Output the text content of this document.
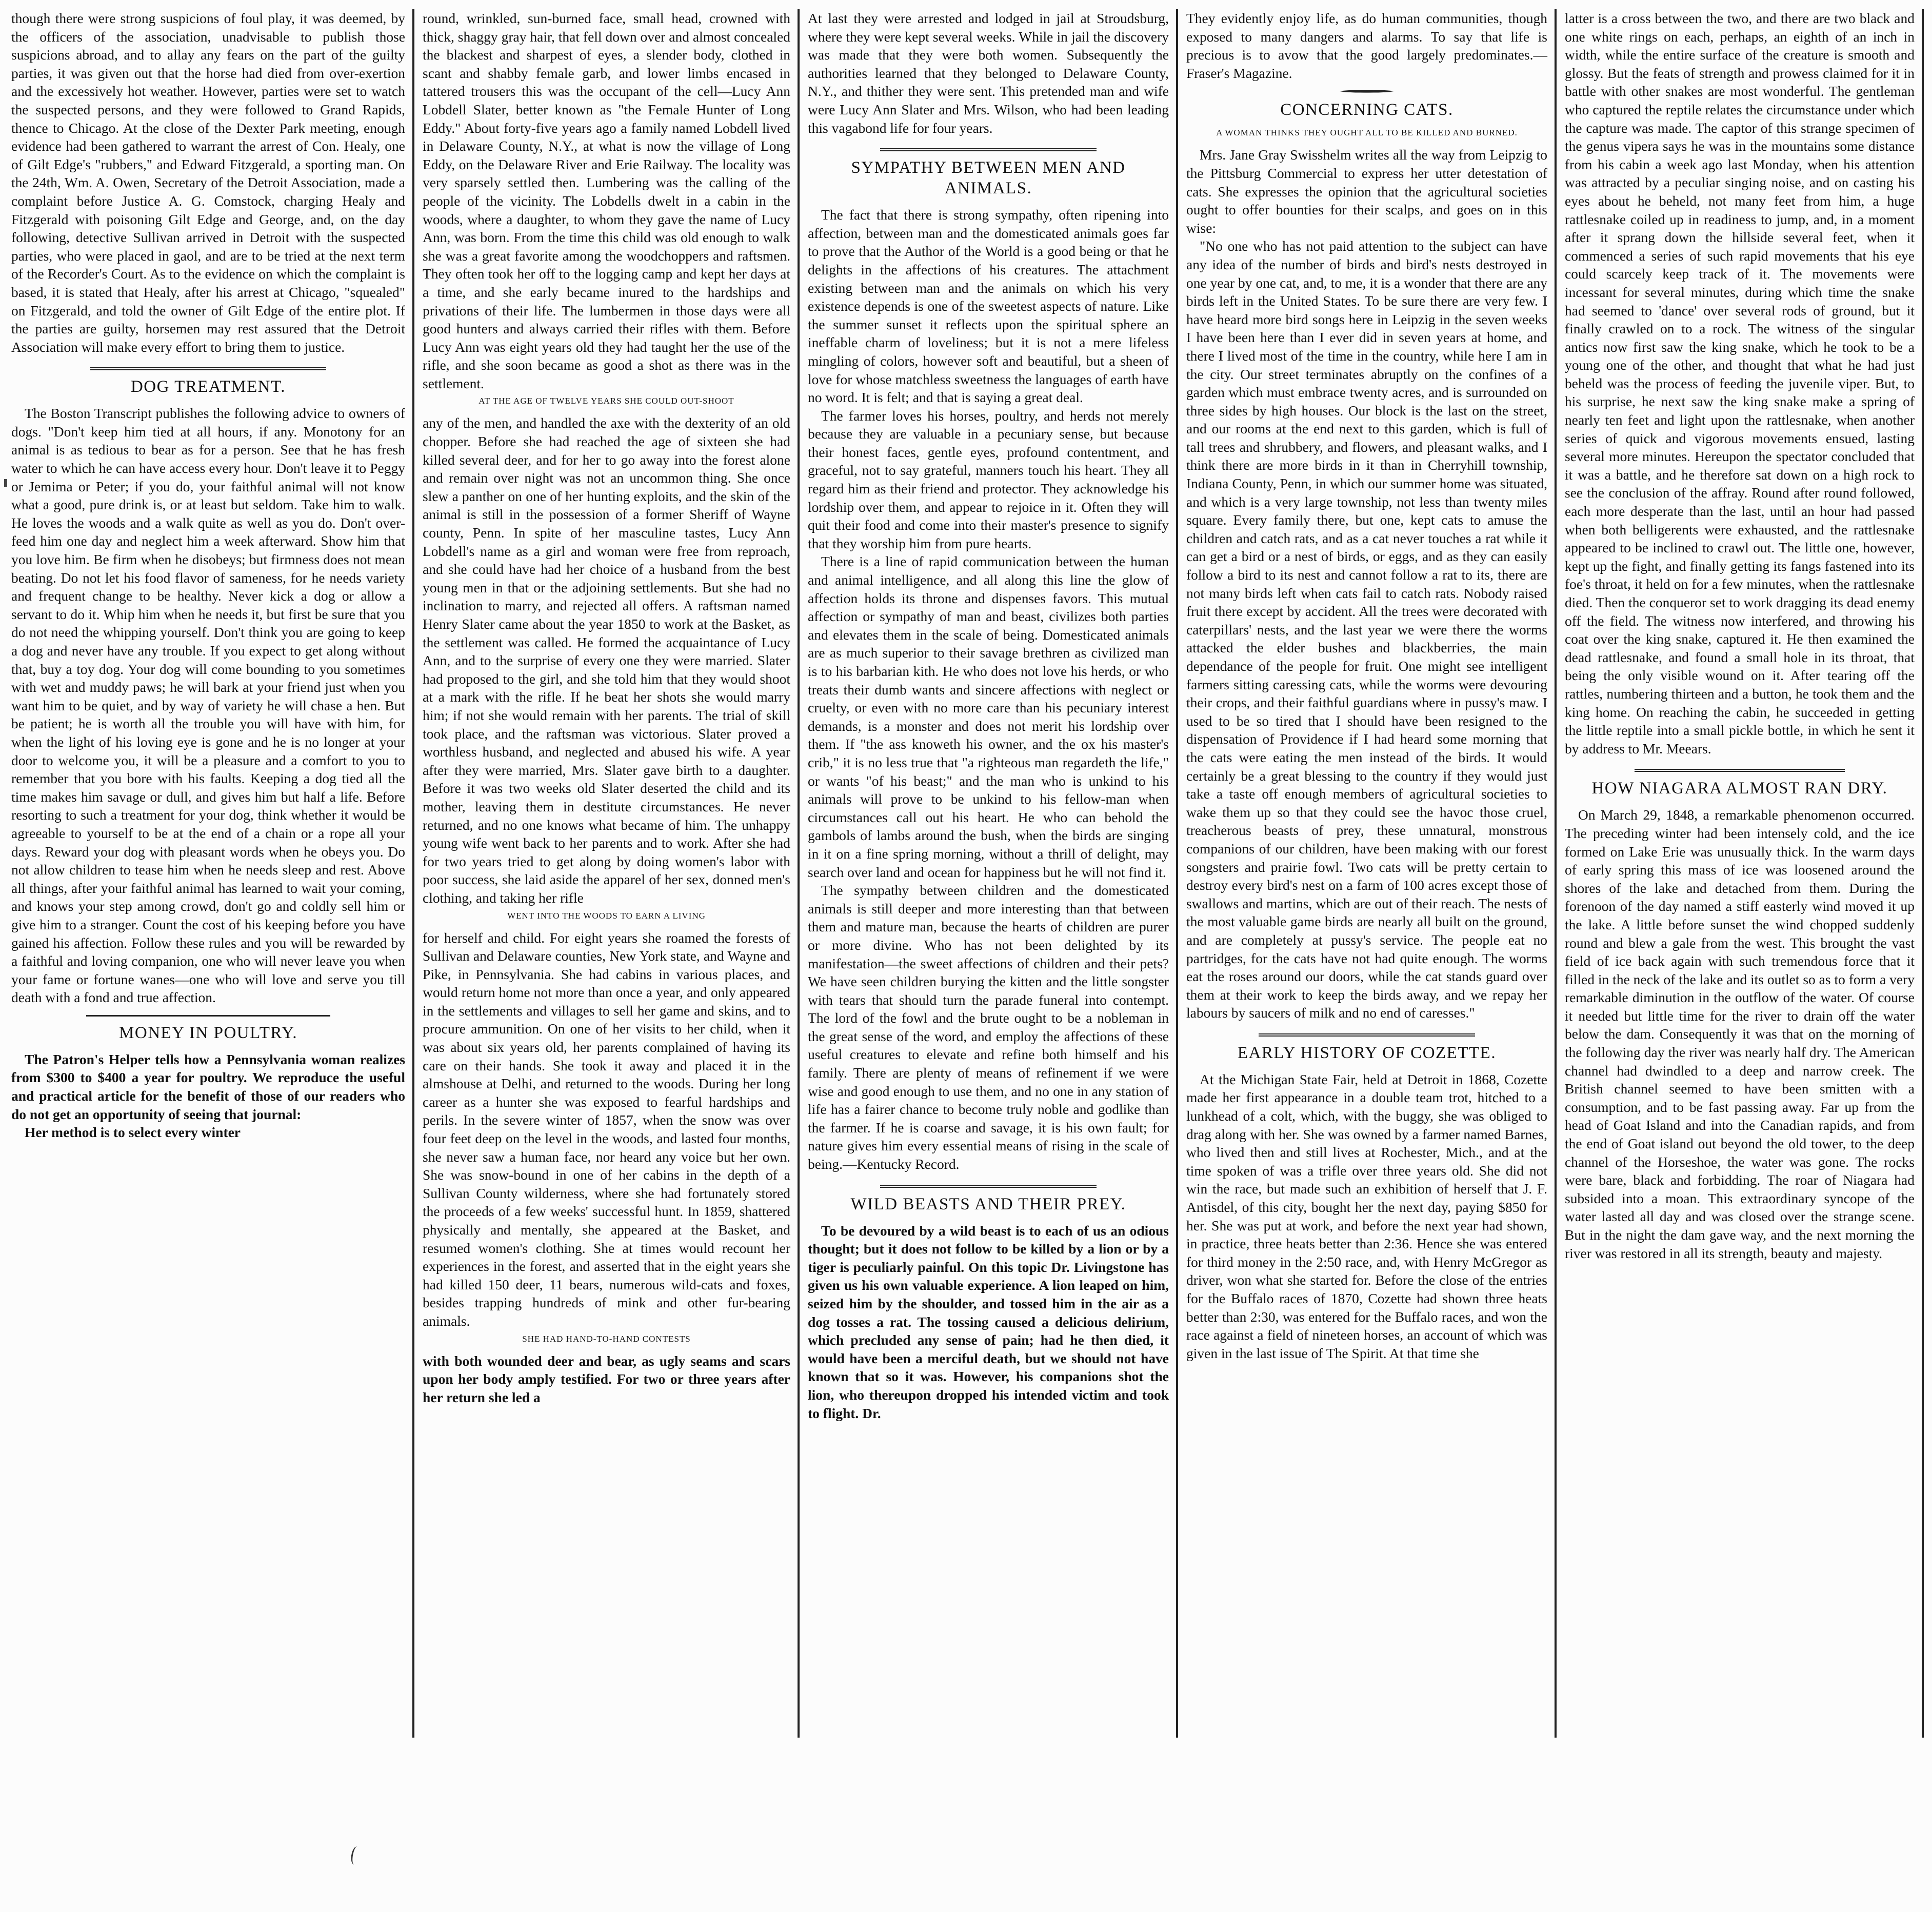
though there were strong suspicions of foul play, it was deemed, by the officers of the association, unadvisable to publish those suspicions abroad, and to allay any fears on the part of the guilty parties, it was given out that the horse had died from over-exertion and the excessively hot weather. However, parties were set to watch the suspected persons, and they were followed to Grand Rapids, thence to Chicago. At the close of the Dexter Park meeting, enough evidence had been gathered to warrant the arrest of Con. Healy, one of Gilt Edge's "rubbers," and Edward Fitzgerald, a sporting man. On the 24th, Wm. A. Owen, Secretary of the Detroit Association, made a complaint before Justice A. G. Comstock, charging Healy and Fitzgerald with poisoning Gilt Edge and George, and, on the day following, detective Sullivan arrived in Detroit with the suspected parties, who were placed in gaol, and are to be tried at the next term of the Recorder's Court. As to the evidence on which the complaint is based, it is stated that Healy, after his arrest at Chicago, "squealed" on Fitzgerald, and told the owner of Gilt Edge of the entire plot. If the parties are guilty, horsemen may rest assured that the Detroit Association will make every effort to bring them to justice.

DOG TREATMENT.

The Boston Transcript publishes the following advice to owners of dogs. "Don't keep him tied at all hours, if any. Monotony for an animal is as tedious to bear as for a person. See that he has fresh water to which he can have access every hour. Don't leave it to Peggy or Jemima or Peter; if you do, your faithful animal will not know what a good, pure drink is, or at least but seldom. Take him to walk. He loves the woods and a walk quite as well as you do. Don't over-feed him one day and neglect him a week afterward. Show him that you love him. Be firm when he disobeys; but firmness does not mean beating. Do not let his food flavor of sameness, for he needs variety and frequent change to be healthy. Never kick a dog or allow a servant to do it. Whip him when he needs it, but first be sure that you do not need the whipping yourself. Don't think you are going to keep a dog and never have any trouble. If you expect to get along without that, buy a toy dog. Your dog will come bounding to you sometimes with wet and muddy paws; he will bark at your friend just when you want him to be quiet, and by way of variety he will chase a hen. But be patient; he is worth all the trouble you will have with him, for when the light of his loving eye is gone and he is no longer at your door to welcome you, it will be a pleasure and a comfort to you to remember that you bore with his faults. Keeping a dog tied all the time makes him savage or dull, and gives him but half a life. Before resorting to such a treatment for your dog, think whether it would be agreeable to yourself to be at the end of a chain or a rope all your days. Reward your dog with pleasant words when he obeys you. Do not allow children to tease him when he needs sleep and rest. Above all things, after your faithful animal has learned to wait your coming, and knows your step among crowd, don't go and coldly sell him or give him to a stranger. Count the cost of his keeping before you have gained his affection. Follow these rules and you will be rewarded by a faithful and loving companion, one who will never leave you when your fame or fortune wanes—one who will love and serve you till death with a fond and true affection.

MONEY IN POULTRY.

The Patron's Helper tells how a Pennsylvania woman realizes from $300 to $400 a year for poultry. We reproduce the useful and practical article for the benefit of those of our readers who do not get an opportunity of seeing that journal:

Her method is to select every winter

round, wrinkled, sun-burned face, small head, crowned with thick, shaggy gray hair, that fell down over and almost concealed the blackest and sharpest of eyes, a slender body, clothed in scant and shabby female garb, and lower limbs encased in tattered trousers this was the occupant of the cell—Lucy Ann Lobdell Slater, better known as "the Female Hunter of Long Eddy." About forty-five years ago a family named Lobdell lived in Delaware County, N.Y., at what is now the village of Long Eddy, on the Delaware River and Erie Railway. The locality was very sparsely settled then. Lumbering was the calling of the people of the vicinity. The Lobdells dwelt in a cabin in the woods, where a daughter, to whom they gave the name of Lucy Ann, was born. From the time this child was old enough to walk she was a great favorite among the woodchoppers and raftsmen. They often took her off to the logging camp and kept her days at a time, and she early became inured to the hardships and privations of their life. The lumbermen in those days were all good hunters and always carried their rifles with them. Before Lucy Ann was eight years old they had taught her the use of the rifle, and she soon became as good a shot as there was in the settlement.

AT THE AGE OF TWELVE YEARS SHE COULD OUT-SHOOT

any of the men, and handled the axe with the dexterity of an old chopper. Before she had reached the age of sixteen she had killed several deer, and for her to go away into the forest alone and remain over night was not an uncommon thing. She once slew a panther on one of her hunting exploits, and the skin of the animal is still in the possession of a former Sheriff of Wayne county, Penn. In spite of her masculine tastes, Lucy Ann Lobdell's name as a girl and woman were free from reproach, and she could have had her choice of a husband from the best young men in that or the adjoining settlements. But she had no inclination to marry, and rejected all offers. A raftsman named Henry Slater came about the year 1850 to work at the Basket, as the settlement was called. He formed the acquaintance of Lucy Ann, and to the surprise of every one they were married. Slater had proposed to the girl, and she told him that they would shoot at a mark with the rifle. If he beat her shots she would marry him; if not she would remain with her parents. The trial of skill took place, and the raftsman was victorious. Slater proved a worthless husband, and neglected and abused his wife. A year after they were married, Mrs. Slater gave birth to a daughter. Before it was two weeks old Slater deserted the child and its mother, leaving them in destitute circumstances. He never returned, and no one knows what became of him. The unhappy young wife went back to her parents and to work. After she had for two years tried to get along by doing women's labor with poor success, she laid aside the apparel of her sex, donned men's clothing, and taking her rifle

WENT INTO THE WOODS TO EARN A LIVING

for herself and child. For eight years she roamed the forests of Sullivan and Delaware counties, New York state, and Wayne and Pike, in Pennsylvania. She had cabins in various places, and would return home not more than once a year, and only appeared in the settlements and villages to sell her game and skins, and to procure ammunition. On one of her visits to her child, when it was about six years old, her parents complained of having its care on their hands. She took it away and placed it in the almshouse at Delhi, and returned to the woods. During her long career as a hunter she was exposed to fearful hardships and perils. In the severe winter of 1857, when the snow was over four feet deep on the level in the woods, and lasted four months, she never saw a human face, nor heard any voice but her own. She was snow-bound in one of her cabins in the depth of a Sullivan County wilderness, where she had fortunately stored the proceeds of a few weeks' successful hunt. In 1859, shattered physically and mentally, she appeared at the Basket, and resumed women's clothing. She at times would recount her experiences in the forest, and asserted that in the eight years she had killed 150 deer, 11 bears, numerous wild-cats and foxes, besides trapping hundreds of mink and other fur-bearing animals.

SHE HAD HAND-TO-HAND CONTESTS

with both wounded deer and bear, as ugly seams and scars upon her body amply testified. For two or three years after her return she led a

At last they were arrested and lodged in jail at Stroudsburg, where they were kept several weeks. While in jail the discovery was made that they were both women. Subsequently the authorities learned that they belonged to Delaware County, N.Y., and thither they were sent. This pretended man and wife were Lucy Ann Slater and Mrs. Wilson, who had been leading this vagabond life for four years.

SYMPATHY BETWEEN MEN AND ANIMALS.

The fact that there is strong sympathy, often ripening into affection, between man and the domesticated animals goes far to prove that the Author of the World is a good being or that he delights in the affections of his creatures. The attachment existing between man and the animals on which his very existence depends is one of the sweetest aspects of nature. Like the summer sunset it reflects upon the spiritual sphere an ineffable charm of loveliness; but it is not a mere lifeless mingling of colors, however soft and beautiful, but a sheen of love for whose matchless sweetness the languages of earth have no word. It is felt; and that is saying a great deal.

The farmer loves his horses, poultry, and herds not merely because they are valuable in a pecuniary sense, but because their honest faces, gentle eyes, profound contentment, and graceful, not to say grateful, manners touch his heart. They all regard him as their friend and protector. They acknowledge his lordship over them, and appear to rejoice in it. Often they will quit their food and come into their master's presence to signify that they worship him from pure hearts.

There is a line of rapid communication between the human and animal intelligence, and all along this line the glow of affection holds its throne and dispenses favors. This mutual affection or sympathy of man and beast, civilizes both parties and elevates them in the scale of being. Domesticated animals are as much superior to their savage brethren as civilized man is to his barbarian kith. He who does not love his herds, or who treats their dumb wants and sincere affections with neglect or cruelty, or even with no more care than his pecuniary interest demands, is a monster and does not merit his lordship over them. If "the ass knoweth his owner, and the ox his master's crib," it is no less true that "a righteous man regardeth the life," or wants "of his beast;" and the man who is unkind to his animals will prove to be unkind to his fellow-man when circumstances call out his heart. He who can behold the gambols of lambs around the bush, when the birds are singing in it on a fine spring morning, without a thrill of delight, may search over land and ocean for happiness but he will not find it.

The sympathy between children and the domesticated animals is still deeper and more interesting than that between them and mature man, because the hearts of children are purer or more divine. Who has not been delighted by its manifestation—the sweet affections of children and their pets? We have seen children burying the kitten and the little songster with tears that should turn the parade funeral into contempt. The lord of the fowl and the brute ought to be a nobleman in the great sense of the word, and employ the affections of these useful creatures to elevate and refine both himself and his family. There are plenty of means of refinement if we were wise and good enough to use them, and no one in any station of life has a fairer chance to become truly noble and godlike than the farmer. If he is coarse and savage, it is his own fault; for nature gives him every essential means of rising in the scale of being.—Kentucky Record.

WILD BEASTS AND THEIR PREY.

To be devoured by a wild beast is to each of us an odious thought; but it does not follow to be killed by a lion or by a tiger is peculiarly painful. On this topic Dr. Livingstone has given us his own valuable experience. A lion leaped on him, seized him by the shoulder, and tossed him in the air as a dog tosses a rat. The tossing caused a delicious delirium, which precluded any sense of pain; had he then died, it would have been a merciful death, but we should not have known that so it was. However, his companions shot the lion, who thereupon dropped his intended victim and took to flight. Dr.

They evidently enjoy life, as do human communities, though exposed to many dangers and alarms. To say that life is precious is to avow that the good largely predominates.—Fraser's Magazine.

CONCERNING CATS.
A WOMAN THINKS THEY OUGHT ALL TO BE KILLED AND BURNED.

Mrs. Jane Gray Swisshelm writes all the way from Leipzig to the Pittsburg Commercial to express her utter detestation of cats. She expresses the opinion that the agricultural societies ought to offer bounties for their scalps, and goes on in this wise:

"No one who has not paid attention to the subject can have any idea of the number of birds and bird's nests destroyed in one year by one cat, and, to me, it is a wonder that there are any birds left in the United States. To be sure there are very few. I have heard more bird songs here in Leipzig in the seven weeks I have been here than I ever did in seven years at home, and there I lived most of the time in the country, while here I am in the city. Our street terminates abruptly on the confines of a garden which must embrace twenty acres, and is surrounded on three sides by high houses. Our block is the last on the street, and our rooms at the end next to this garden, which is full of tall trees and shrubbery, and flowers, and pleasant walks, and I think there are more birds in it than in Cherryhill township, Indiana County, Penn, in which our summer home was situated, and which is a very large township, not less than twenty miles square. Every family there, but one, kept cats to amuse the children and catch rats, and as a cat never touches a rat while it can get a bird or a nest of birds, or eggs, and as they can easily follow a bird to its nest and cannot follow a rat to its, there are not many birds left when cats fail to catch rats. Nobody raised fruit there except by accident. All the trees were decorated with caterpillars' nests, and the last year we were there the worms attacked the elder bushes and blackberries, the main dependance of the people for fruit. One might see intelligent farmers sitting caressing cats, while the worms were devouring their crops, and their faithful guardians where in pussy's maw. I used to be so tired that I should have been resigned to the dispensation of Providence if I had heard some morning that the cats were eating the men instead of the birds. It would certainly be a great blessing to the country if they would just take a taste off enough members of agricultural societies to wake them up so that they could see the havoc those cruel, treacherous beasts of prey, these unnatural, monstrous companions of our children, have been making with our forest songsters and prairie fowl. Two cats will be pretty certain to destroy every bird's nest on a farm of 100 acres except those of swallows and martins, which are out of their reach. The nests of the most valuable game birds are nearly all built on the ground, and are completely at pussy's service. The people eat no partridges, for the cats have not had quite enough. The worms eat the roses around our doors, while the cat stands guard over them at their work to keep the birds away, and we repay her labours by saucers of milk and no end of caresses."

EARLY HISTORY OF COZETTE.

At the Michigan State Fair, held at Detroit in 1868, Cozette made her first appearance in a double team trot, hitched to a lunkhead of a colt, which, with the buggy, she was obliged to drag along with her. She was owned by a farmer named Barnes, who lived then and still lives at Rochester, Mich., and at the time spoken of was a trifle over three years old. She did not win the race, but made such an exhibition of herself that J. F. Antisdel, of this city, bought her the next day, paying $850 for her. She was put at work, and before the next year had shown, in practice, three heats better than 2:36. Hence she was entered for third money in the 2:50 race, and, with Henry McGregor as driver, won what she started for. Before the close of the entries for the Buffalo races of 1870, Cozette had shown three heats better than 2:30, was entered for the Buffalo races, and won the race against a field of nineteen horses, an account of which was given in the last issue of The Spirit. At that time she

latter is a cross between the two, and there are two black and one white rings on each, perhaps, an eighth of an inch in width, while the entire surface of the creature is smooth and glossy. But the feats of strength and prowess claimed for it in battle with other snakes are most wonderful. The gentleman who captured the reptile relates the circumstance under which the capture was made. The captor of this strange specimen of the genus vipera says he was in the mountains some distance from his cabin a week ago last Monday, when his attention was attracted by a peculiar singing noise, and on casting his eyes about he beheld, not many feet from him, a huge rattlesnake coiled up in readiness to jump, and, in a moment after it sprang down the hillside several feet, when it commenced a series of such rapid movements that his eye could scarcely keep track of it. The movements were incessant for several minutes, during which time the snake had seemed to 'dance' over several rods of ground, but it finally crawled on to a rock. The witness of the singular antics now first saw the king snake, which he took to be a young one of the other, and thought that what he had just beheld was the process of feeding the juvenile viper. But, to his surprise, he next saw the king snake make a spring of nearly ten feet and light upon the rattlesnake, when another series of quick and vigorous movements ensued, lasting several more minutes. Hereupon the spectator concluded that it was a battle, and he therefore sat down on a high rock to see the conclusion of the affray. Round after round followed, each more desperate than the last, until an hour had passed when both belligerents were exhausted, and the rattlesnake appeared to be inclined to crawl out. The little one, however, kept up the fight, and finally getting its fangs fastened into its foe's throat, it held on for a few minutes, when the rattlesnake died. Then the conqueror set to work dragging its dead enemy off the field. The witness now interfered, and throwing his coat over the king snake, captured it. He then examined the dead rattlesnake, and found a small hole in its throat, that being the only visible wound on it. After tearing off the rattles, numbering thirteen and a button, he took them and the king home. On reaching the cabin, he succeeded in getting the little reptile into a small pickle bottle, in which he sent it by address to Mr. Meears.

HOW NIAGARA ALMOST RAN DRY.

On March 29, 1848, a remarkable phenomenon occurred. The preceding winter had been intensely cold, and the ice formed on Lake Erie was unusually thick. In the warm days of early spring this mass of ice was loosened around the shores of the lake and detached from them. During the forenoon of the day named a stiff easterly wind moved it up the lake. A little before sunset the wind chopped suddenly round and blew a gale from the west. This brought the vast field of ice back again with such tremendous force that it filled in the neck of the lake and its outlet so as to form a very remarkable diminution in the outflow of the water. Of course it needed but little time for the river to drain off the water below the dam. Consequently it was that on the morning of the following day the river was nearly half dry. The American channel had dwindled to a deep and narrow creek. The British channel seemed to have been smitten with a consumption, and to be fast passing away. Far up from the head of Goat Island and into the Canadian rapids, and from the end of Goat island out beyond the old tower, to the deep channel of the Horseshoe, the water was gone. The rocks were bare, black and forbidding. The roar of Niagara had subsided into a moan. This extraordinary syncope of the water lasted all day and was closed over the strange scene. But in the night the dam gave way, and the next morning the river was restored in all its strength, beauty and majesty.
